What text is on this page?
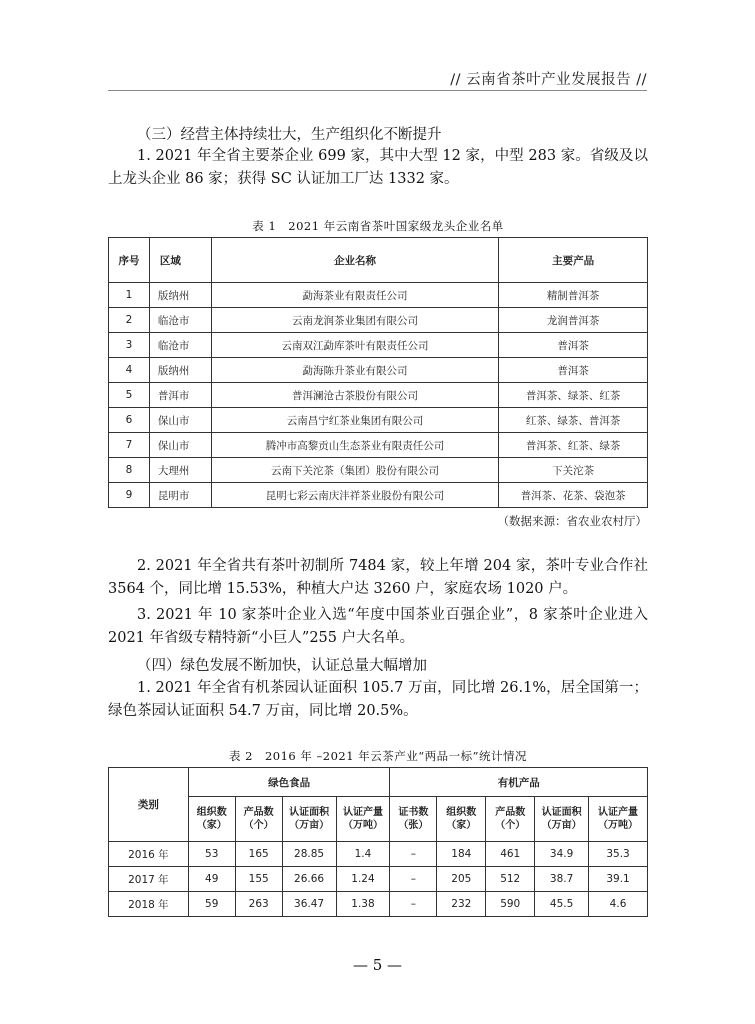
// 云南省茶叶产业发展报告 //
（三）经营主体持续壮大，生产组织化不断提升
1. 2021 年全省主要茶企业 699 家，其中大型 12 家，中型 283 家。省级及以上龙头企业 86 家；获得 SC 认证加工厂达 1332 家。
表 1　2021 年云南省茶叶国家级龙头企业名单
序号	区域	企业名称	主要产品
1	版纳州	勐海茶业有限责任公司	精制普洱茶
2	临沧市	云南龙润茶业集团有限公司	龙润普洱茶
3	临沧市	云南双江勐库茶叶有限责任公司	普洱茶
4	版纳州	勐海陈升茶业有限公司	普洱茶
5	普洱市	普洱澜沧古茶股份有限公司	普洱茶、绿茶、红茶
6	保山市	云南昌宁红茶业集团有限公司	红茶、绿茶、普洱茶
7	保山市	腾冲市高黎贡山生态茶业有限责任公司	普洱茶、红茶、绿茶
8	大理州	云南下关沱茶（集团）股份有限公司	下关沱茶
9	昆明市	昆明七彩云南庆沣祥茶业股份有限公司	普洱茶、花茶、袋泡茶
（数据来源：省农业农村厅）
2. 2021 年全省共有茶叶初制所 7484 家，较上年增 204 家，茶叶专业合作社 3564 个，同比增 15.53%，种植大户达 3260 户，家庭农场 1020 户。
3. 2021 年 10 家茶叶企业入选“年度中国茶业百强企业”，8 家茶叶企业进入 2021 年省级专精特新“小巨人”255 户大名单。
（四）绿色发展不断加快，认证总量大幅增加
1. 2021 年全省有机茶园认证面积 105.7 万亩，同比增 26.1%，居全国第一；绿色茶园认证面积 54.7 万亩，同比增 20.5%。
表 2　2016 年 –2021 年云茶产业“两品一标”统计情况
类别	绿色食品				有机产品				
	组织数（家）	产品数（个）	认证面积（万亩）	认证产量（万吨）	证书数（张）	组织数（家）	产品数（个）	认证面积（万亩）	认证产量（万吨）
2016 年	53	165	28.85	1.4	–	184	461	34.9	35.3
2017 年	49	155	26.66	1.24	–	205	512	38.7	39.1
2018 年	59	263	36.47	1.38	–	232	590	45.5	4.6
— 5 —
